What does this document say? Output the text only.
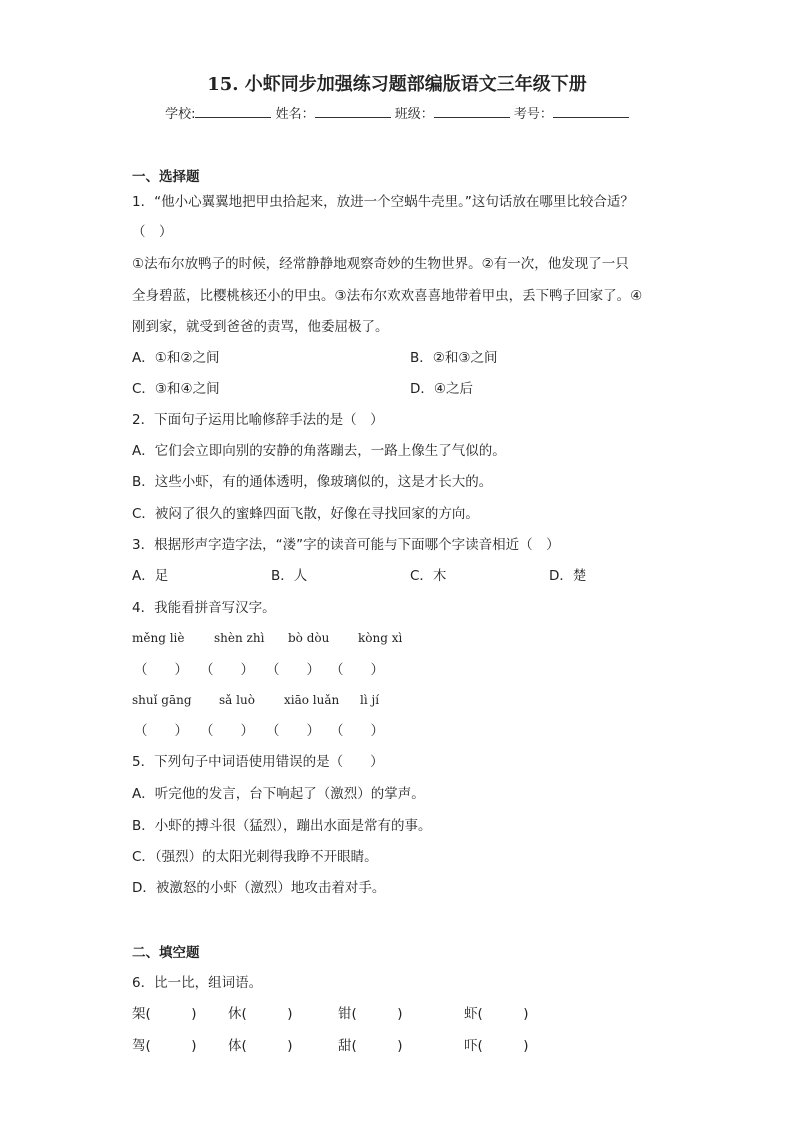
15. 小虾同步加强练习题部编版语文三年级下册
学校:	姓名：	班级：	考号：
一、选择题
1．“他小心翼翼地把甲虫拾起来，放进一个空蜗牛壳里。”这句话放在哪里比较合适？
（　）
①法布尔放鸭子的时候，经常静静地观察奇妙的生物世界。②有一次，他发现了一只
全身碧蓝，比樱桃核还小的甲虫。③法布尔欢欢喜喜地带着甲虫，丢下鸭子回家了。④
刚到家，就受到爸爸的责骂，他委屈极了。
A．①和②之间	B．②和③之间
C．③和④之间	D．④之后
2．下面句子运用比喻修辞手法的是（　）
A．它们会立即向别的安静的角落蹦去，一路上像生了气似的。
B．这些小虾，有的通体透明，像玻璃似的，这是才长大的。
C．被闷了很久的蜜蜂四面飞散，好像在寻找回家的方向。
3．根据形声字造字法，“溇”字的读音可能与下面哪个字读音相近（　）
A．足	B．人	C．木	D．楚
4．我能看拼音写汉字。
měng liè shèn zhì bò dòu kòng xì
（　　） （　　） （　　） （　　）
shuǐ gāng sǎ luò xiāo luǎn lì jí
（　　） （　　） （　　） （　　）
5．下列句子中词语使用错误的是（　　）
A．听完他的发言，台下响起了（激烈）的掌声。
B．小虾的搏斗很（猛烈），蹦出水面是常有的事。
C．（强烈）的太阳光刺得我睁不开眼睛。
D．被激怒的小虾（激烈）地攻击着对手。
二、填空题
6．比一比，组词语。
架(　　　) 休(　　　)	钳(　　　)	虾(　　　)
驾(　　　) 体(　　　)	甜(　　　)	吓(　　　)
